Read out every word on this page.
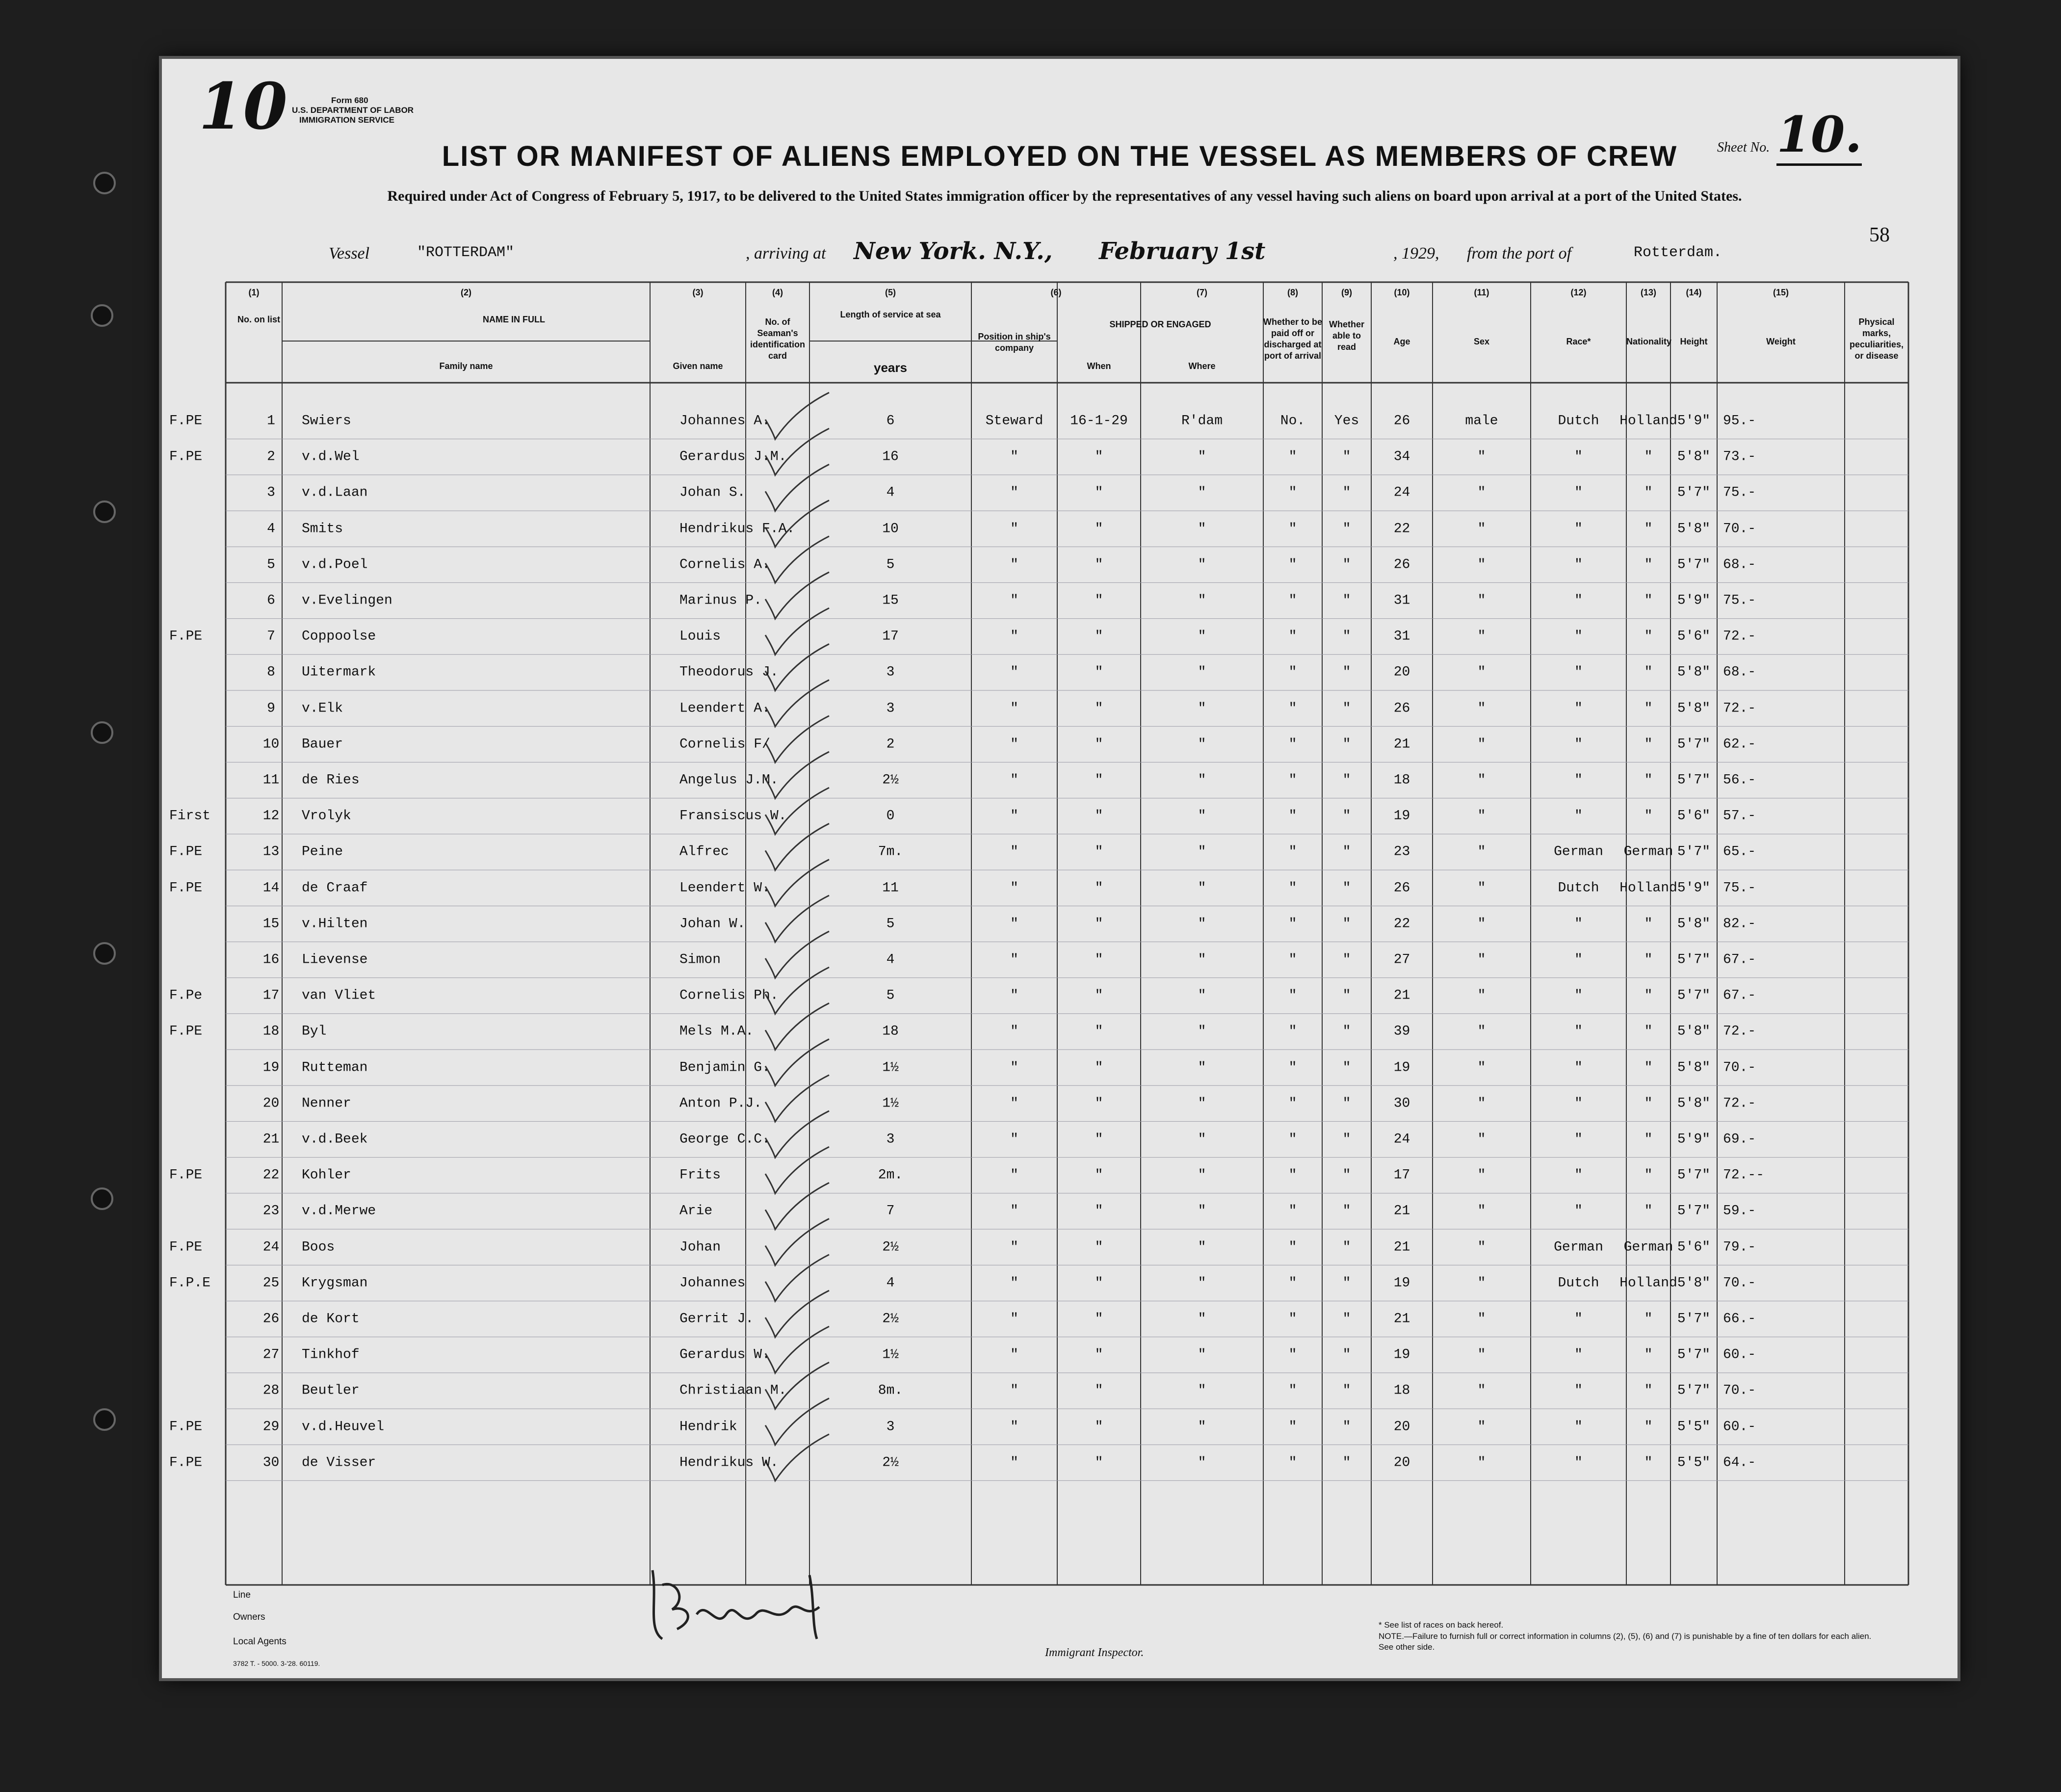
10	Form 680
U.S. DEPARTMENT OF LABOR
IMMIGRATION SERVICE
Sheet No. 10.
LIST OR MANIFEST OF ALIENS EMPLOYED ON THE VESSEL AS MEMBERS OF CREW
Required under Act of Congress of February 5, 1917, to be delivered to the United States immigration officer by the representatives of any vessel having such aliens on board upon arrival at a port of the United States.
58
Vessel	"ROTTERDAM"	, arriving at New York. N.Y., February 1st	, 1929, from the port of	Rotterdam.
(1)	(2)	(3)	(4)	(5)	(6)	(7)	(8)	(9)	(10)	(11)	(12)	(13)	(14)	(15)
No. on list	NAME IN FULL
Family name	Given name
No. of Seaman's identification card
Length of service at sea
years
Position in ship's company
SHIPPED OR ENGAGED
When	Where
Whether to be paid off or discharged at port of arrival
Whether able to read
Age	Sex	Race*	Nationality Height	Weight
Physical marks, peculiarities, or disease
F.PE	1 Swiers	Johannes A.	6	Steward 16-1-29	R'dam	No. Yes	26	male	Dutch Holland 5'9" 95.-
F.PE	2 v.d.Wel	Gerardus J.M.	16	"	"	"	"	"	34	"	"	" 5'8" 73.-
3 v.d.Laan	Johan S.	4	"	"	"	"	"	24	"	"	" 5'7" 75.-
4 Smits	Hendrikus F.A.	10	"	"	"	"	"	22	"	"	" 5'8" 70.-
5 v.d.Poel	Cornelis A.	5	"	"	"	"	"	26	"	"	" 5'7" 68.-
6 v.Evelingen	Marinus P.	15	"	"	"	"	"	31	"	"	" 5'9" 75.-
F.PE	7 Coppoolse	Louis	17	"	"	"	"	"	31	"	"	" 5'6" 72.-
8 Uitermark	Theodorus J.	3	"	"	"	"	"	20	"	"	" 5'8" 68.-
9 v.Elk	Leendert A.	3	"	"	"	"	"	26	"	"	" 5'8" 72.-
10 Bauer	Cornelis F/	2	"	"	"	"	"	21	"	"	" 5'7" 62.-
11 de Ries	Angelus J.M.	2½	"	"	"	"	"	18	"	"	" 5'7" 56.-
First	12 Vrolyk	Fransiscus W.	0	"	"	"	"	"	19	"	"	" 5'6" 57.-
F.PE	13 Peine	Alfrec	7m.	"	"	"	"	"	23	"	German German 5'7" 65.-
F.PE	14 de Craaf	Leendert W.	11	"	"	"	"	"	26	"	Dutch Holland 5'9" 75.-
15 v.Hilten	Johan W.	5	"	"	"	"	"	22	"	"	" 5'8" 82.-
16 Lievense	Simon	4	"	"	"	"	"	27	"	"	" 5'7" 67.-
F.Pe	17 van Vliet	Cornelis Ph.	5	"	"	"	"	"	21	"	"	" 5'7" 67.-
F.PE	18 Byl	Mels M.A.	18	"	"	"	"	"	39	"	"	" 5'8" 72.-
19 Rutteman	Benjamin G.	1½	"	"	"	"	"	19	"	"	" 5'8" 70.-
20 Nenner	Anton P.J.	1½	"	"	"	"	"	30	"	"	" 5'8" 72.-
21 v.d.Beek	George C.C.	3	"	"	"	"	"	24	"	"	" 5'9" 69.-
F.PE	22 Kohler	Frits	2m.	"	"	"	"	"	17	"	"	" 5'7" 72.--
23 v.d.Merwe	Arie	7	"	"	"	"	"	21	"	"	" 5'7" 59.-
F.PE	24 Boos	Johan	2½	"	"	"	"	"	21	"	German German 5'6" 79.-
F.P.E	25 Krygsman	Johannes	4	"	"	"	"	"	19	"	Dutch Holland 5'8" 70.-
26 de Kort	Gerrit J.	2½	"	"	"	"	"	21	"	"	" 5'7" 66.-
27 Tinkhof	Gerardus W.	1½	"	"	"	"	"	19	"	"	" 5'7" 60.-
28 Beutler	Christiaan M.	8m.	"	"	"	"	"	18	"	"	" 5'7" 70.-
F.PE	29 v.d.Heuvel	Hendrik	3	"	"	"	"	"	20	"	"	" 5'5" 60.-
F.PE	30 de Visser	Hendrikus W.	2½	"	"	"	"	"	20	"	"	" 5'5" 64.-
Line
Owners
Local Agents
Immigrant Inspector.
* See list of races on back hereof.
NOTE.—Failure to furnish full or correct information in columns (2), (5), (6) and (7) is punishable by a fine of ten dollars for each alien. See other side.
3782 T. - 5000. 3-'28. 60119.
